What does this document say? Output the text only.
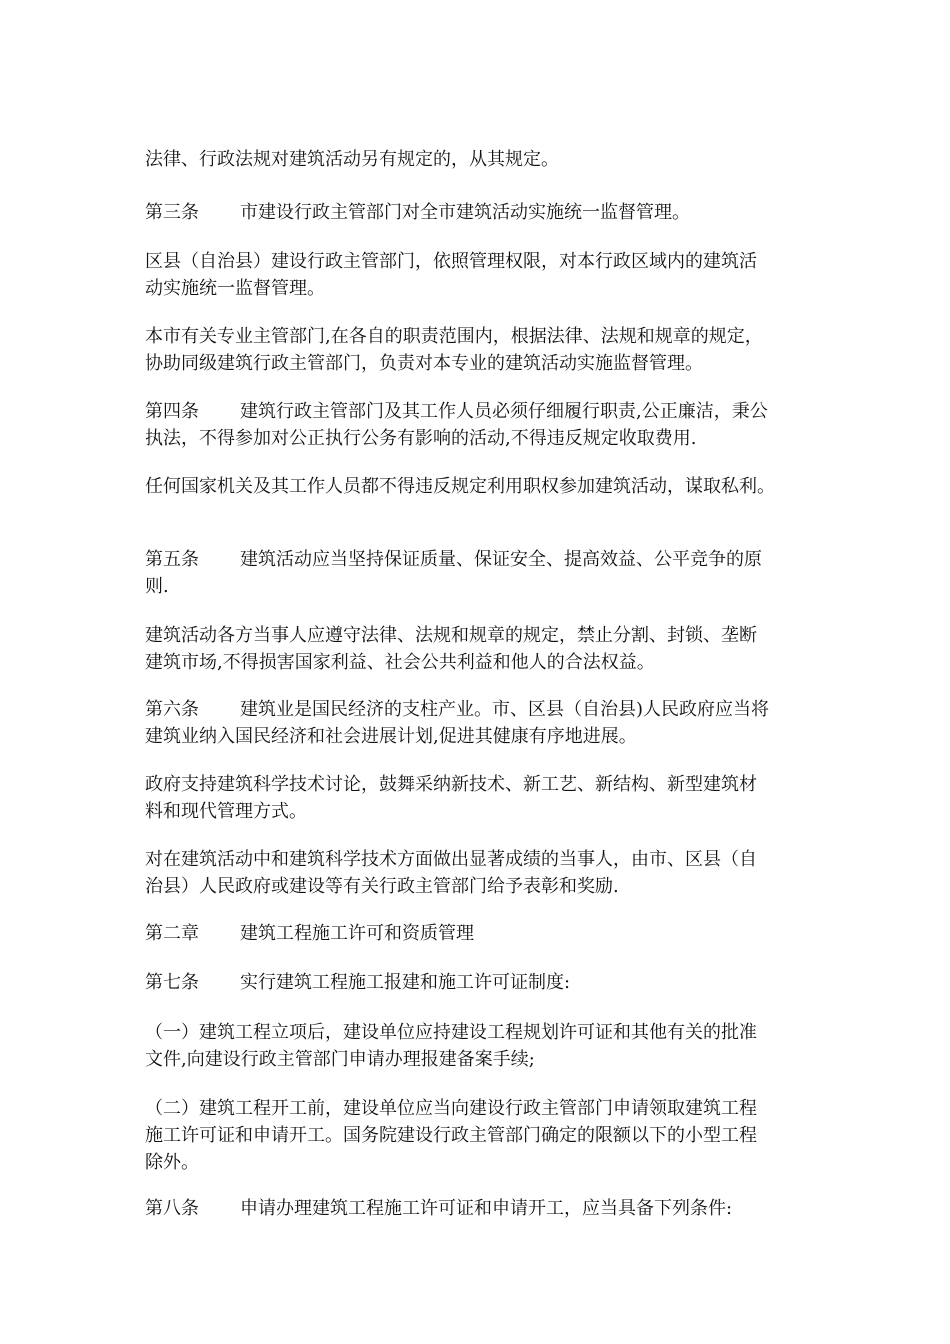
法律、行政法规对建筑活动另有规定的，从其规定。

第三条 市建设行政主管部门对全市建筑活动实施统一监督管理。

区县（自治县）建设行政主管部门，依照管理权限，对本行政区域内的建筑活
动实施统一监督管理。

本市有关专业主管部门,在各自的职责范围内，根据法律、法规和规章的规定，
协助同级建筑行政主管部门，负责对本专业的建筑活动实施监督管理。

第四条 建筑行政主管部门及其工作人员必须仔细履行职责,公正廉洁，秉公
执法，不得参加对公正执行公务有影响的活动,不得违反规定收取费用.

任何国家机关及其工作人员都不得违反规定利用职权参加建筑活动，谋取私利。

第五条 建筑活动应当坚持保证质量、保证安全、提高效益、公平竞争的原
则.

建筑活动各方当事人应遵守法律、法规和规章的规定，禁止分割、封锁、垄断
建筑市场,不得损害国家利益、社会公共利益和他人的合法权益。

第六条 建筑业是国民经济的支柱产业。市、区县（自治县)人民政府应当将
建筑业纳入国民经济和社会进展计划,促进其健康有序地进展。

政府支持建筑科学技术讨论，鼓舞采纳新技术、新工艺、新结构、新型建筑材
料和现代管理方式。

对在建筑活动中和建筑科学技术方面做出显著成绩的当事人，由市、区县（自
治县）人民政府或建设等有关行政主管部门给予表彰和奖励.

第二章 建筑工程施工许可和资质管理

第七条 实行建筑工程施工报建和施工许可证制度:

（一）建筑工程立项后，建设单位应持建设工程规划许可证和其他有关的批准
文件,向建设行政主管部门申请办理报建备案手续;

（二）建筑工程开工前，建设单位应当向建设行政主管部门申请领取建筑工程
施工许可证和申请开工。国务院建设行政主管部门确定的限额以下的小型工程
除外。

第八条 申请办理建筑工程施工许可证和申请开工，应当具备下列条件:
